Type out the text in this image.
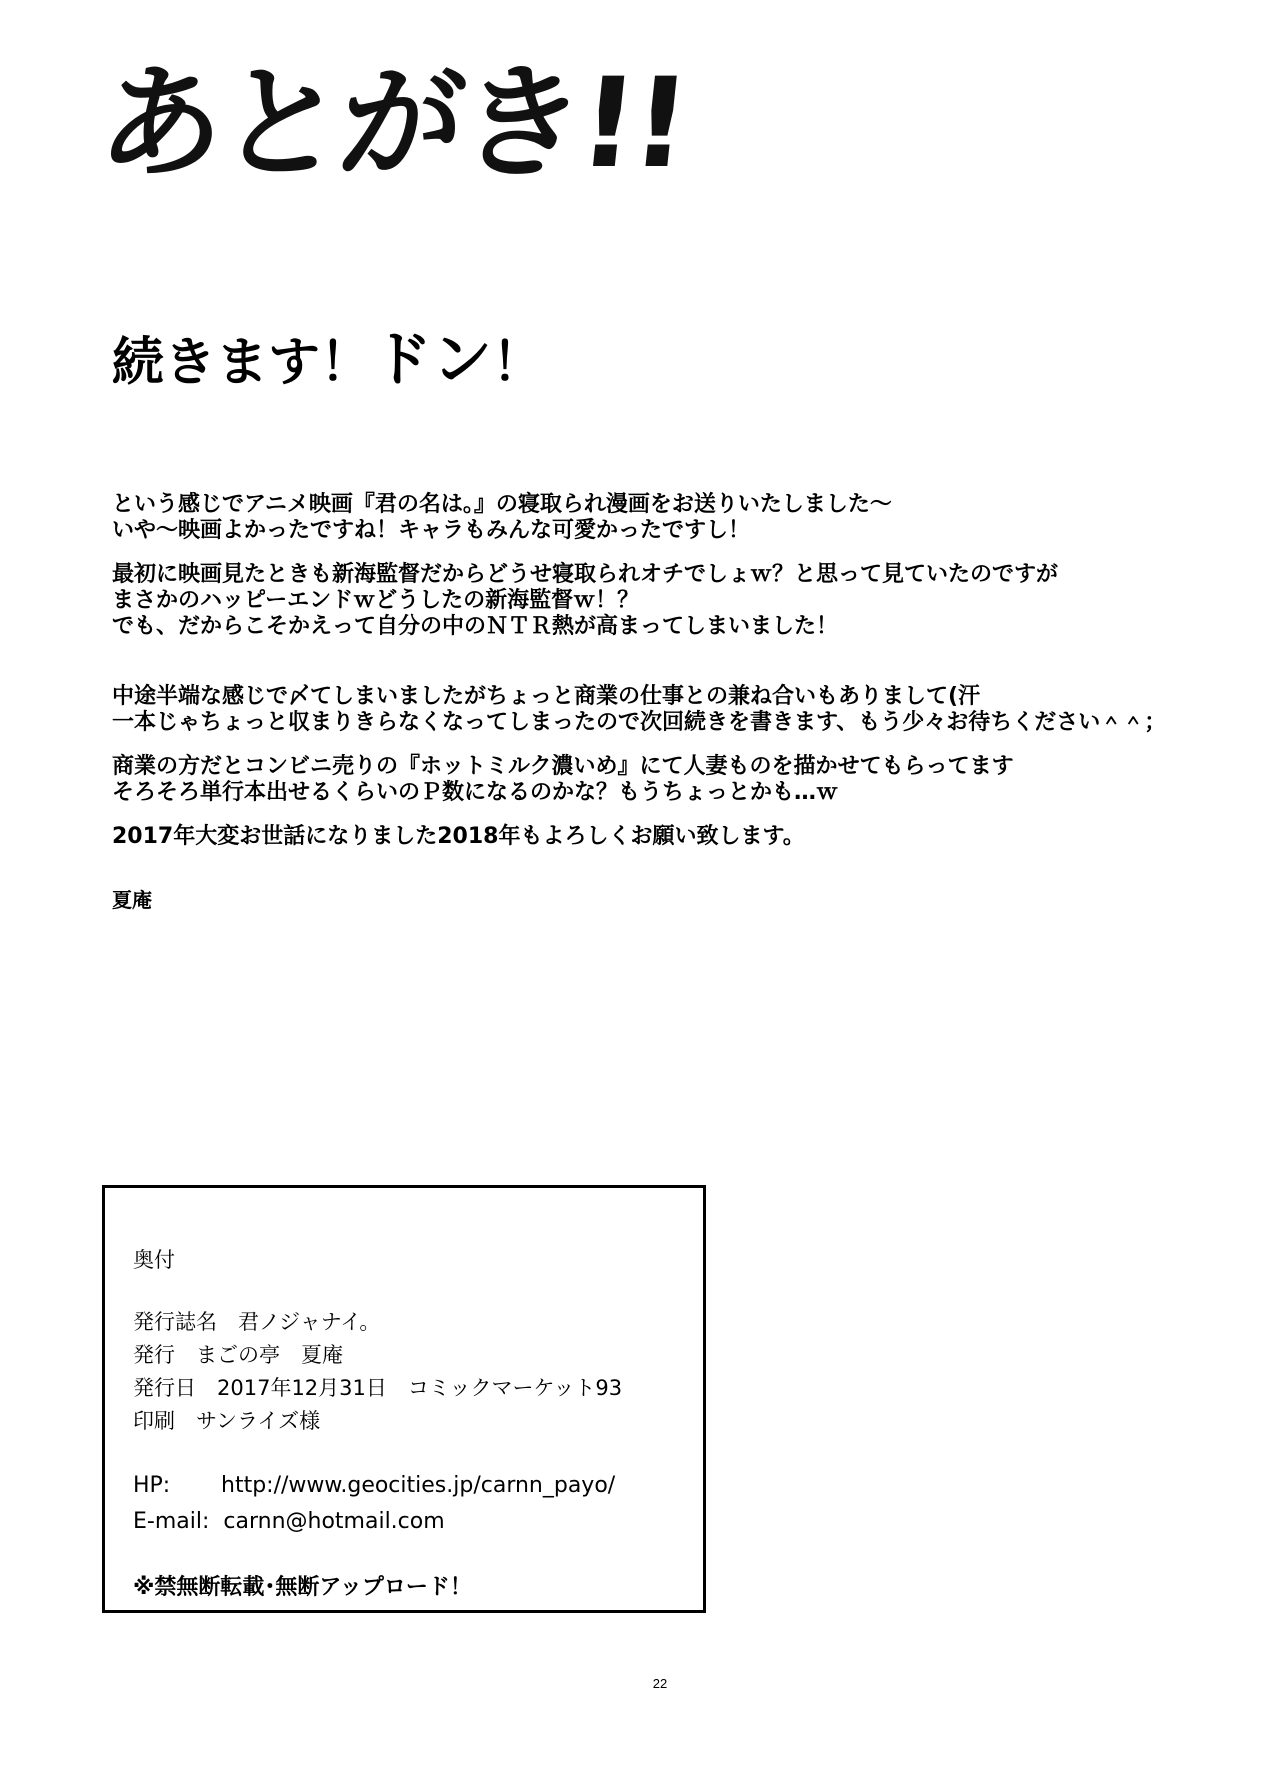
あとがき!!
続きます！ドン！
という感じでアニメ映画『君の名は。』の寝取られ漫画をお送りいたしました～
いや～映画よかったですね！キャラもみんな可愛かったですし！
最初に映画見たときも新海監督だからどうせ寝取られオチでしょｗ？と思って見ていたのですが
まさかのハッピーエンドｗどうしたの新海監督ｗ！？
でも、だからこそかえって自分の中のＮＴＲ熱が高まってしまいました！
中途半端な感じで〆てしまいましたがちょっと商業の仕事との兼ね合いもありまして(汗
一本じゃちょっと収まりきらなくなってしまったので次回続きを書きます、もう少々お待ちください＾＾；
商業の方だとコンビニ売りの『ホットミルク濃いめ』にて人妻ものを描かせてもらってます
そろそろ単行本出せるくらいのＰ数になるのかな？もうちょっとかも…ｗ
2017年大変お世話になりました2018年もよろしくお願い致します。
夏庵
奥付
発行誌名　 君ノジャナイ。
発行　 まごの亭　夏庵
発行日　 2017年12月31日　コミックマーケット93
印刷　 サンライズ様
HP: http://www.geocities.jp/carnn_payo/
E-mail: carnn@hotmail.com
※禁無断転載･無断アップロード！
22
